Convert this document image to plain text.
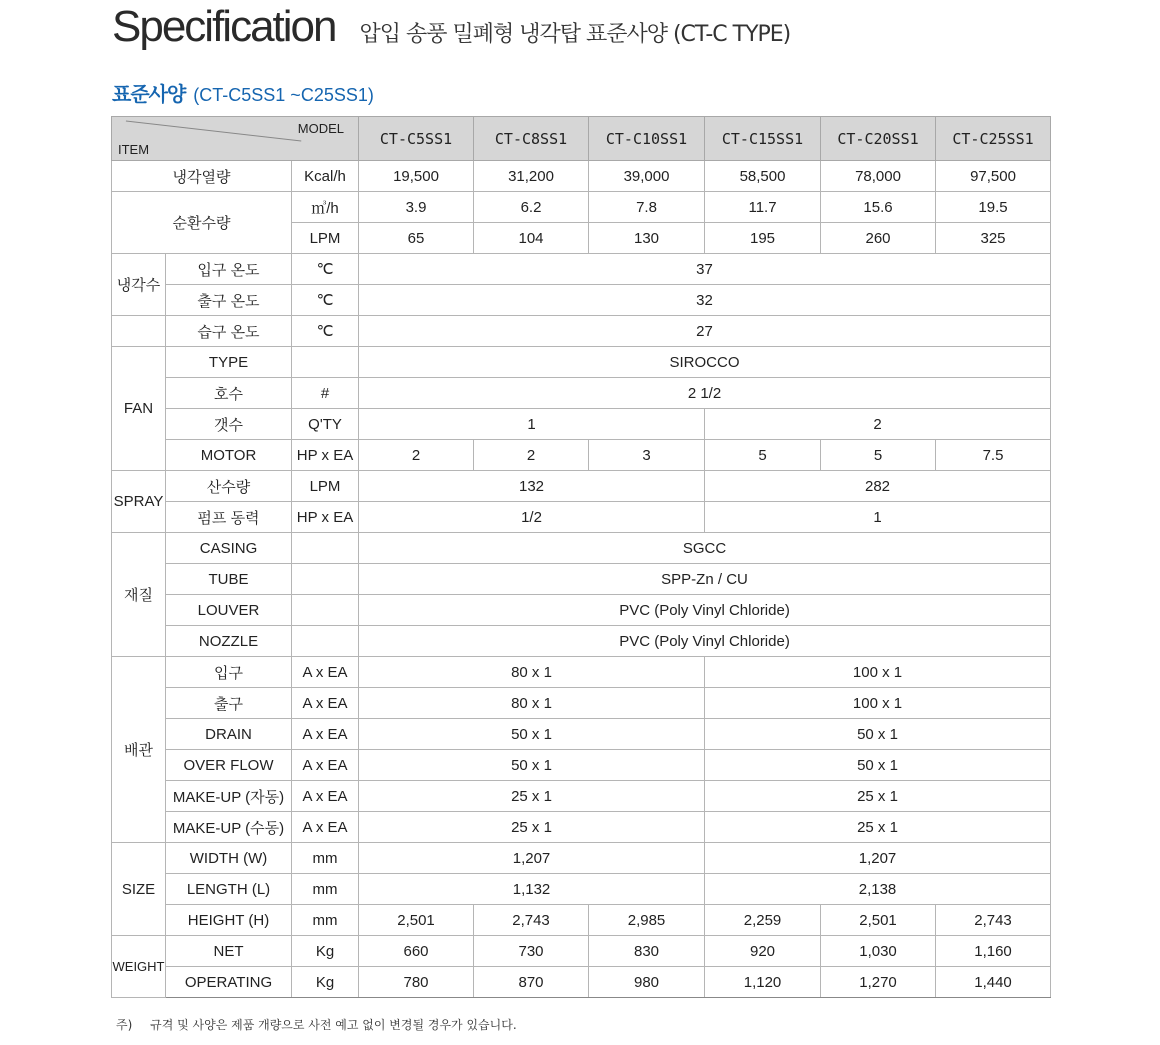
Specification 압입 송풍 밀폐형 냉각탑 표준사양 (CT-C TYPE)
표준사양 (CT-C5SS1 ~C25SS1)
MODEL
ITEM			CT-C5SS1	CT-C8SS1	CT-C10SS1	CT-C15SS1	CT-C20SS1	CT-C25SS1
냉각열량		Kcal/h	19,500	31,200	39,000	58,500	78,000	97,500
순환수량		㎥/h	3.9	6.2	7.8	11.7	15.6	19.5
		LPM	65	104	130	195	260	325
냉각수	입구 온도	℃	37					
	출구 온도	℃	32					
	습구 온도	℃	27					
FAN	TYPE		SIROCCO					
	호수	#	2 1/2					
	갯수	Q'TY	1			2		
	MOTOR	HP x EA	2	2	3	5	5	7.5
SPRAY	산수량	LPM	132			282		
	펌프 동력	HP x EA	1/2			1		
재질	CASING		SGCC					
	TUBE		SPP-Zn / CU					
	LOUVER		PVC (Poly Vinyl Chloride)					
	NOZZLE		PVC (Poly Vinyl Chloride)					
배관	입구	A x EA	80 x 1			100 x 1		
	출구	A x EA	80 x 1			100 x 1		
	DRAIN	A x EA	50 x 1			50 x 1		
	OVER FLOW	A x EA	50 x 1			50 x 1		
	MAKE-UP (자동)	A x EA	25 x 1			25 x 1		
	MAKE-UP (수동)	A x EA	25 x 1			25 x 1		
SIZE	WIDTH (W)	mm	1,207			1,207		
	LENGTH (L)	mm	1,132			2,138		
	HEIGHT (H)	mm	2,501	2,743	2,985	2,259	2,501	2,743
WEIGHT	NET	Kg	660	730	830	920	1,030	1,160
	OPERATING	Kg	780	870	980	1,120	1,270	1,440
주) 규격 및 사양은 제품 개량으로 사전 예고 없이 변경될 경우가 있습니다.
